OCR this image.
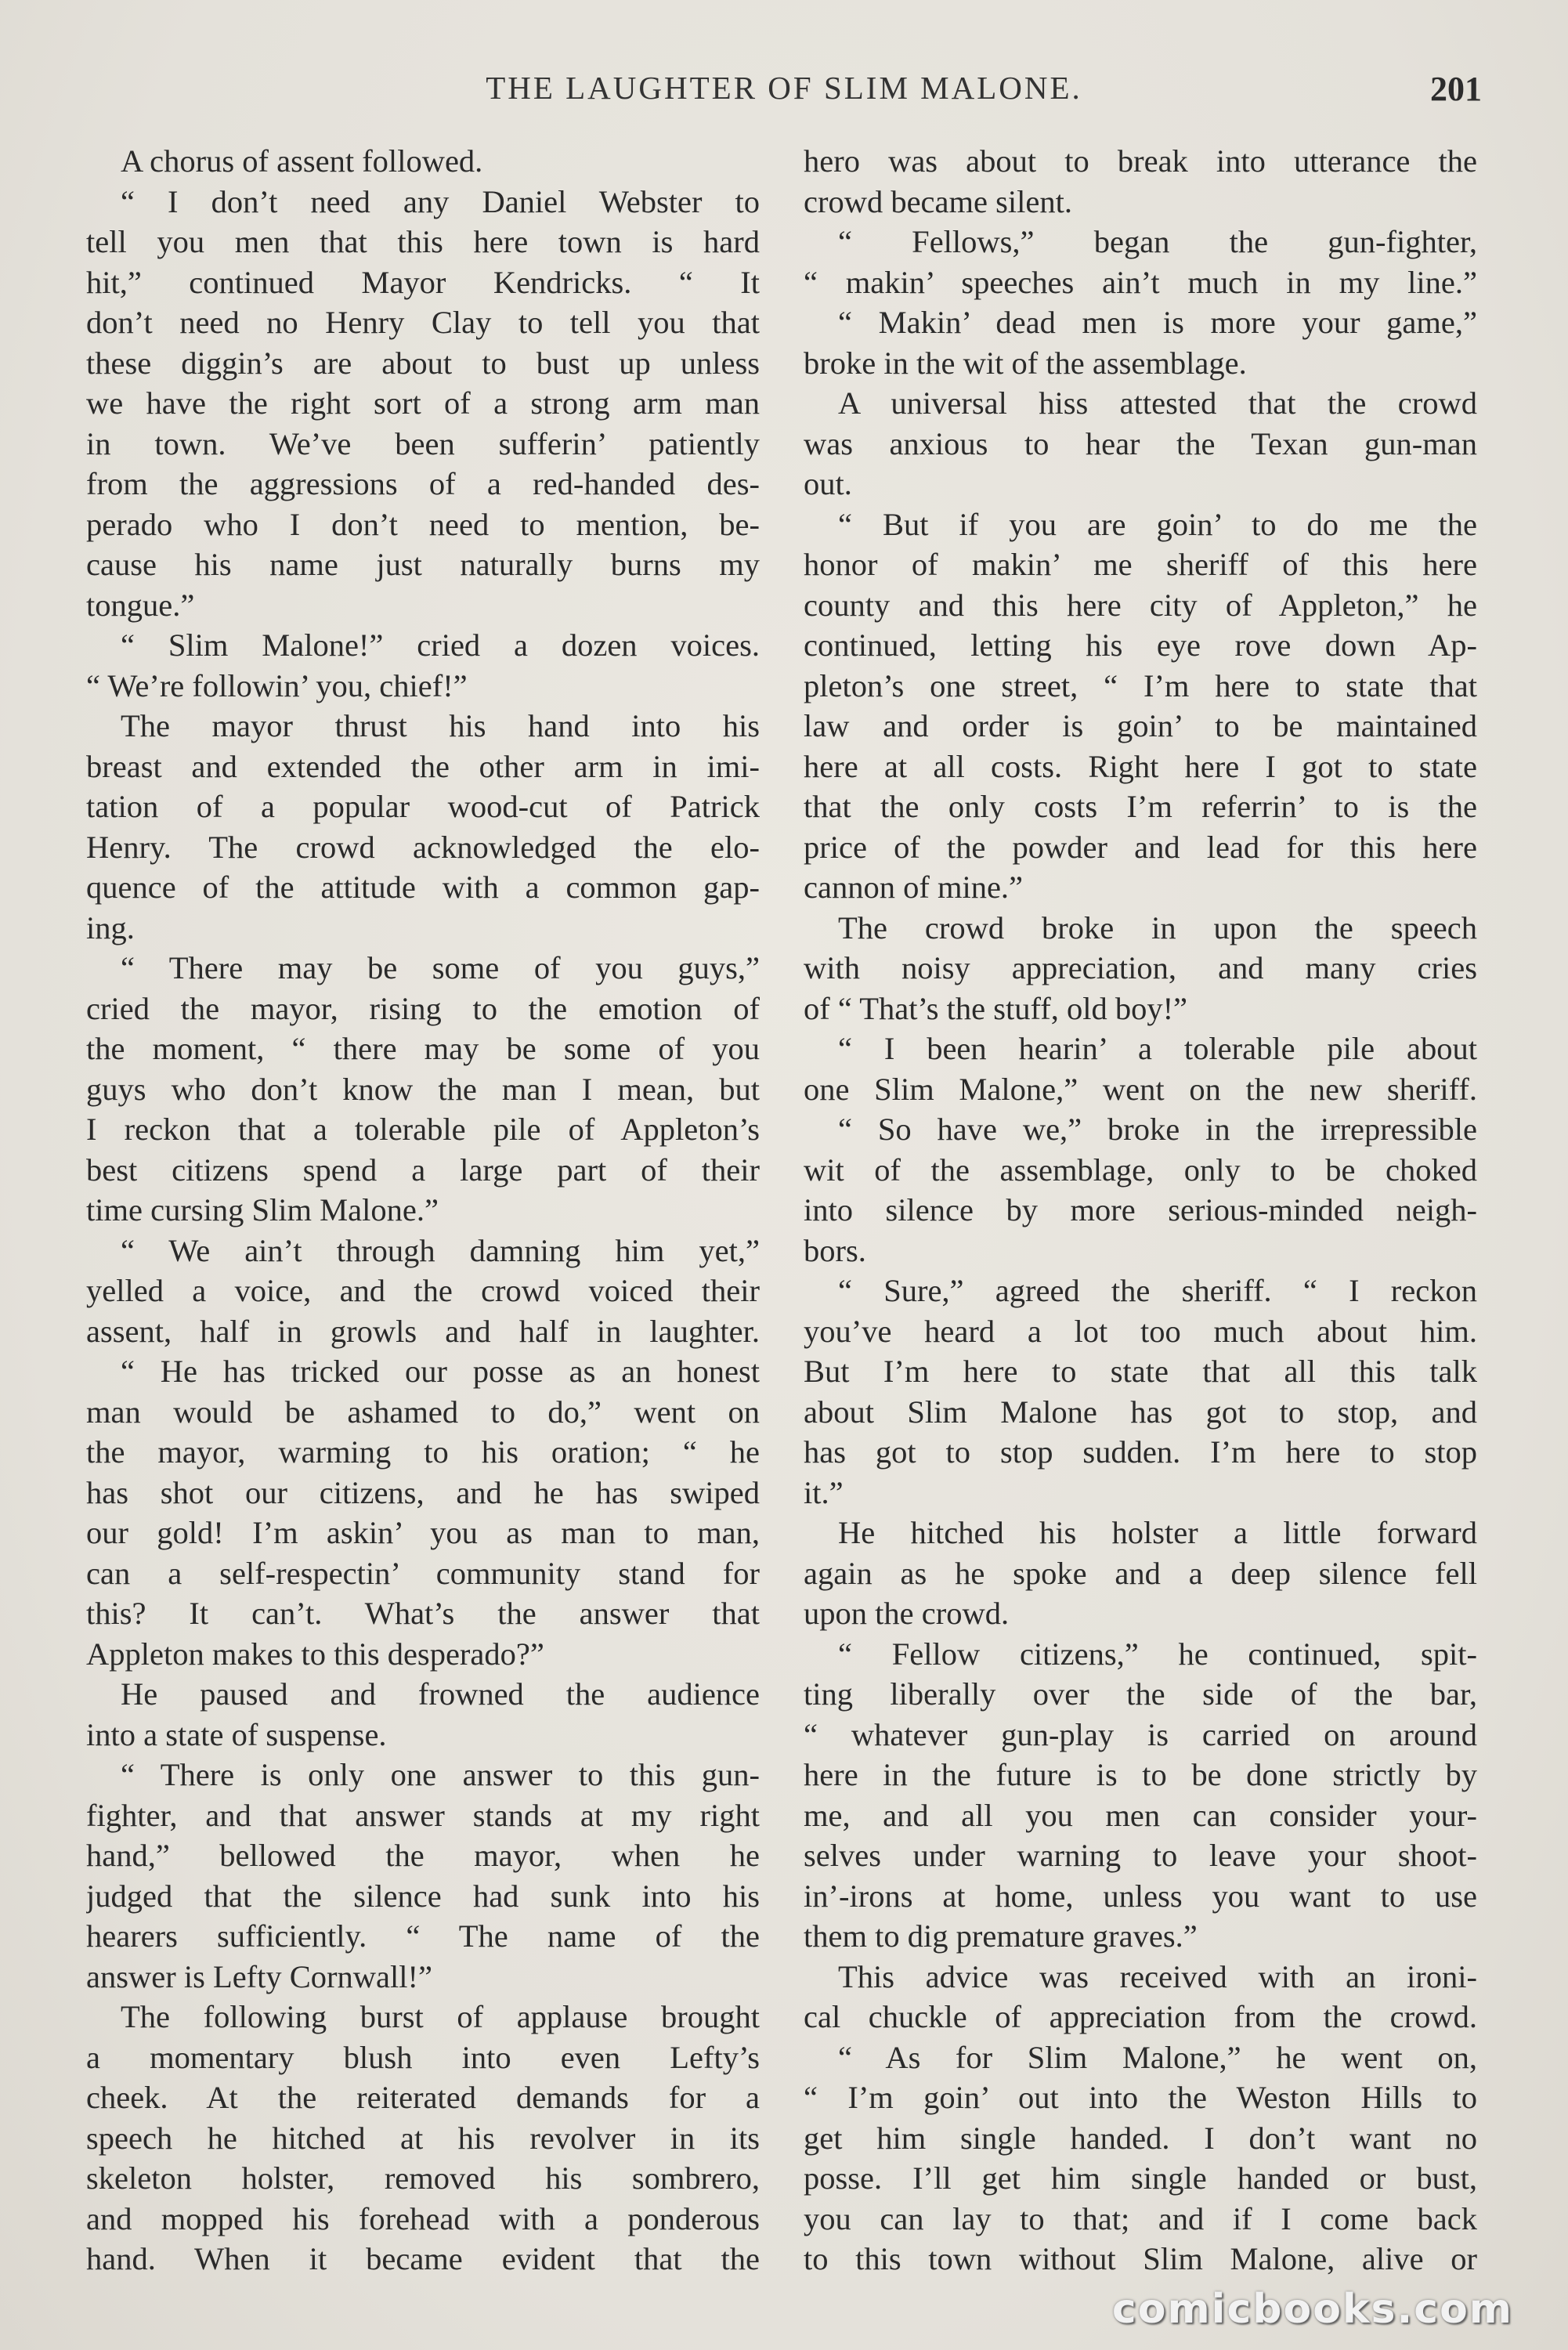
THE LAUGHTER OF SLIM MALONE.	201
A chorus of assent followed.
“ I don’t need any Daniel Webster to
tell you men that this here town is hard
hit,” continued Mayor Kendricks. “ It
don’t need no Henry Clay to tell you that
these diggin’s are about to bust up unless
we have the right sort of a strong arm man
in town. We’ve been sufferin’ patiently
from the aggressions of a red-handed des-
perado who I don’t need to mention, be-
cause his name just naturally burns my
tongue.”
“ Slim Malone!” cried a dozen voices.
“ We’re followin’ you, chief!”
The mayor thrust his hand into his
breast and extended the other arm in imi-
tation of a popular wood-cut of Patrick
Henry. The crowd acknowledged the elo-
quence of the attitude with a common gap-
ing.
“ There may be some of you guys,”
cried the mayor, rising to the emotion of
the moment, “ there may be some of you
guys who don’t know the man I mean, but
I reckon that a tolerable pile of Appleton’s
best citizens spend a large part of their
time cursing Slim Malone.”
“ We ain’t through damning him yet,”
yelled a voice, and the crowd voiced their
assent, half in growls and half in laughter.
“ He has tricked our posse as an honest
man would be ashamed to do,” went on
the mayor, warming to his oration; “ he
has shot our citizens, and he has swiped
our gold! I’m askin’ you as man to man,
can a self-respectin’ community stand for
this? It can’t. What’s the answer that
Appleton makes to this desperado?”
He paused and frowned the audience
into a state of suspense.
“ There is only one answer to this gun-
fighter, and that answer stands at my right
hand,” bellowed the mayor, when he
judged that the silence had sunk into his
hearers sufficiently. “ The name of the
answer is Lefty Cornwall!”
The following burst of applause brought
a momentary blush into even Lefty’s
cheek. At the reiterated demands for a
speech he hitched at his revolver in its
skeleton holster, removed his sombrero,
and mopped his forehead with a ponderous
hand. When it became evident that the
hero was about to break into utterance the
crowd became silent.
“ Fellows,” began the gun-fighter,
“ makin’ speeches ain’t much in my line.”
“ Makin’ dead men is more your game,”
broke in the wit of the assemblage.
A universal hiss attested that the crowd
was anxious to hear the Texan gun-man
out.
“ But if you are goin’ to do me the
honor of makin’ me sheriff of this here
county and this here city of Appleton,” he
continued, letting his eye rove down Ap-
pleton’s one street, “ I’m here to state that
law and order is goin’ to be maintained
here at all costs. Right here I got to state
that the only costs I’m referrin’ to is the
price of the powder and lead for this here
cannon of mine.”
The crowd broke in upon the speech
with noisy appreciation, and many cries
of “ That’s the stuff, old boy!”
“ I been hearin’ a tolerable pile about
one Slim Malone,” went on the new sheriff.
“ So have we,” broke in the irrepressible
wit of the assemblage, only to be choked
into silence by more serious-minded neigh-
bors.
“ Sure,” agreed the sheriff. “ I reckon
you’ve heard a lot too much about him.
But I’m here to state that all this talk
about Slim Malone has got to stop, and
has got to stop sudden. I’m here to stop
it.”
He hitched his holster a little forward
again as he spoke and a deep silence fell
upon the crowd.
“ Fellow citizens,” he continued, spit-
ting liberally over the side of the bar,
“ whatever gun-play is carried on around
here in the future is to be done strictly by
me, and all you men can consider your-
selves under warning to leave your shoot-
in’-irons at home, unless you want to use
them to dig premature graves.”
This advice was received with an ironi-
cal chuckle of appreciation from the crowd.
“ As for Slim Malone,” he went on,
“ I’m goin’ out into the Weston Hills to
get him single handed. I don’t want no
posse. I’ll get him single handed or bust,
you can lay to that; and if I come back
to this town without Slim Malone, alive or
comicbooks.com
